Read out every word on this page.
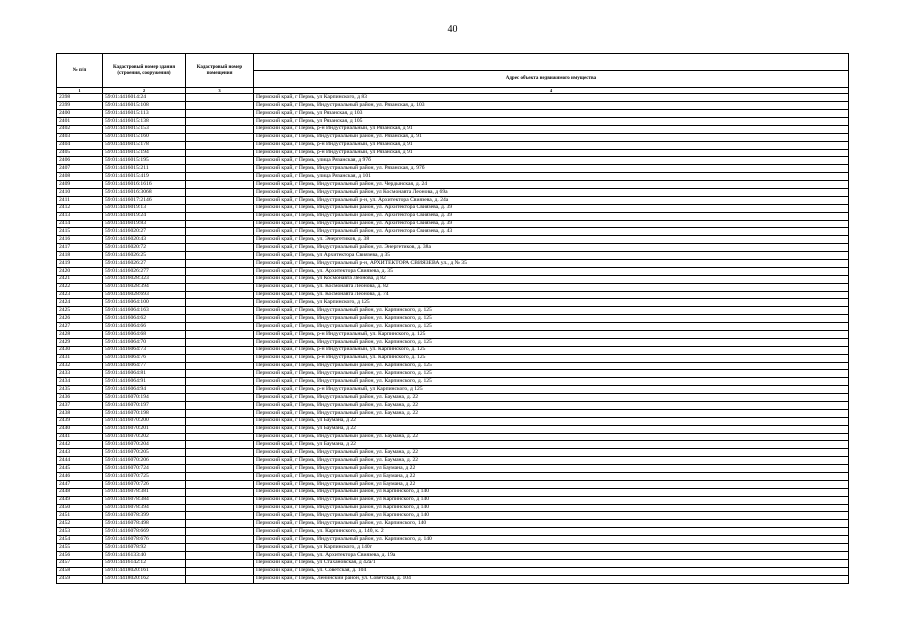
40
№ п/п	Кадастровый номер здания (строения, сооружения)	Кадастровый номер помещения	
			Адрес объекта недвижимого имущества
1	2	3	4
2398	59:01:4416014:24		Пермский край, г Пермь, ул Карпинского, д 83
2399	59:01:4416015:108		Пермский край, г Пермь, Индустриальный район, ул. Рязанская, д. 103
2400	59:01:4416015:113		Пермский край, г Пермь, ул Рязанская, д 103
2401	59:01:4416015:138		Пермский край, г Пермь, ул Рязанская, д 105
2402	59:01:4416015:153		Пермский край, г Пермь, р-н Индустриальный, ул Рязанская, д 91
2403	59:01:4416015:160		Пермский край, г Пермь, Индустриальный район, ул. Рязанская, д. 91
2404	59:01:4416015:178		Пермский край, г Пермь, р-н Индустриальный, ул Рязанская, д 91
2405	59:01:4416015:194		Пермский край, г Пермь, р-н Индустриальный, ул Рязанская, д 91
2406	59:01:4416015:195		Пермский край, г Пермь, улица Рязанская, д 97б
2407	59:01:4416015:211		Пермский край, г Пермь, Индустриальный район, ул. Рязанская, д. 97б
2408	59:01:4416015:419		Пермский край, г Пермь, улица Рязанская, д 101
2409	59:01:4416016:1616		Пермский край, г Пермь, Индустриальный район, ул. Чердынская, д. 24
2410	59:01:4416016:3068		Пермский край, г Пермь, Индустриальный район, ул Космонавта Леонова, д 69а
2411	59:01:4416017:2146		Пермский край, г Пермь, Индустриальный р-н, ул. Архитектора Свиязева, д. 24а
2412	59:01:4416019:13		Пермский край, г Пермь, Индустриальный район, ул. Архитектора Свиязева, д. 39
2413	59:01:4416019:24		Пермский край, г Пермь, Индустриальный район, ул. Архитектора Свиязева, д. 39
2414	59:01:4416019:83		Пермский край, г Пермь, Индустриальный район, ул. Архитектора Свиязева, д. 39
2415	59:01:4416020:27		Пермский край, г Пермь, Индустриальный район, ул. Архитектора Свиязева, д. 43
2416	59:01:4416020:43		Пермский край, г Пермь, ул. Энергетиков, д. 38
2417	59:01:4416020:72		Пермский край, г Пермь, Индустриальный район, ул. Энергетиков, д. 38а
2418	59:01:4416026:25		Пермский край, г Пермь, ул Архитектора Свиязева, д 35
2419	59:01:4416026:27		Пермский край, г Пермь, Индустриальный р-н, АРХИТЕКТОРА СВИЯЗЕВА ул., д № 35
2420	59:01:4416026:277		Пермский край, г Пермь, ул. Архитектора Свиязева, д. 35
2421	59:01:4416028:323		Пермский край, г Пермь, ул Космонавта Леонова, д 82
2422	59:01:4416028:394		Пермский край, г Пермь, ул. Космонавта Леонова, д. 82
2423	59:01:4416028:693		Пермский край, г Пермь, ул. Космонавта Леонова, д. 74
2424	59:01:4416064:100		Пермский край, г Пермь, ул Карпинского, д 125
2425	59:01:4416064:163		Пермский край, г Пермь, Индустриальный район, ул. Карпинского, д. 125
2426	59:01:4416064:62		Пермский край, г Пермь, Индустриальный район, ул. Карпинского, д. 125
2427	59:01:4416064:66		Пермский край, г Пермь, Индустриальный район, ул. Карпинского, д. 125
2428	59:01:4416064:68		Пермский край, г Пермь, р-н Индустриальный, ул. Карпинского, д. 125
2429	59:01:4416064:70		Пермский край, г Пермь, Индустриальный район, ул. Карпинского, д. 125
2430	59:01:4416064:73		Пермский край, г Пермь, р-н Индустриальный, ул. Карпинского, д. 125
2431	59:01:4416064:76		Пермский край, г Пермь, р-н Индустриальный, ул. Карпинского, д. 125
2432	59:01:4416064:77		Пермский край, г Пермь, Индустриальный район, ул. Карпинского, д. 125
2433	59:01:4416064:81		Пермский край, г Пермь, Индустриальный район, ул. Карпинского, д. 125
2434	59:01:4416064:91		Пермский край, г Пермь, Индустриальный район, ул. Карпинского, д. 125
2435	59:01:4416064:94		Пермский край, г Пермь, р-н Индустриальный, ул Карпинского, д 125
2436	59:01:4416070:194		Пермский край, г Пермь, Индустриальный район, ул. Баумана, д. 22
2437	59:01:4416070:197		Пермский край, г Пермь, Индустриальный район, ул. Баумана, д. 22
2438	59:01:4416070:198		Пермский край, г Пермь, Индустриальный район, ул. Баумана, д. 22
2439	59:01:4416070:200		Пермский край, г Пермь, ул Баумана, д 22
2440	59:01:4416070:201		Пермский край, г Пермь, ул Баумана, д 22
2441	59:01:4416070:202		Пермский край, г Пермь, Индустриальный район, ул. Баумана, д. 22
2442	59:01:4416070:204		Пермский край, г Пермь, ул Баумана, д 22
2443	59:01:4416070:205		Пермский край, г Пермь, Индустриальный район, ул. Баумана, д. 22
2444	59:01:4416070:206		Пермский край, г Пермь, Индустриальный район, ул. Баумана, д. 22
2445	59:01:4416070:724		Пермский край, г Пермь, Индустриальный район, ул Баумана, д 22
2446	59:01:4416070:725		Пермский край, г Пермь, Индустриальный район, ул Баумана, д 22
2447	59:01:4416070:726		Пермский край, г Пермь, Индустриальный район, ул Баумана, д 22
2448	59:01:4416078:381		Пермский край, г Пермь, Индустриальный район, ул Карпинского, д 140
2449	59:01:4416078:384		Пермский край, г Пермь, Индустриальный район, ул Карпинского, д 140
2450	59:01:4416078:394		Пермский край, г Пермь, Индустриальный район, ул Карпинского, д 140
2451	59:01:4416078:399		Пермский край, г Пермь, Индустриальный район, ул Карпинского, д 140
2452	59:01:4416078:498		Пермский край, г Пермь, Индустриальный район, ул. Карпинского, 140
2453	59:01:4416078:669		Пермский край, г Пермь, ул. Карпинского, д. 140, к. 2
2454	59:01:4416078:676		Пермский край, г Пермь, Индустриальный район, ул. Карпинского, д. 140
2455	59:01:4416078:92		Пермский край, г Пермь, ул Карпинского, д 140г
2456	59:01:4416133:40		Пермский край, г Пермь, ул. Архитектора Свиязева, д. 19а
2457	59:01:4416142:12		Пермский край, г Пермь, ул Стахановская, д 42а/1
2458	59:01:4418020:161		Пермский край, г Пермь, ул. Советская, д. 104
2459	59:01:4418020:162		Пермский край, г Пермь, Ленинский район, ул. Советская, д. 104
